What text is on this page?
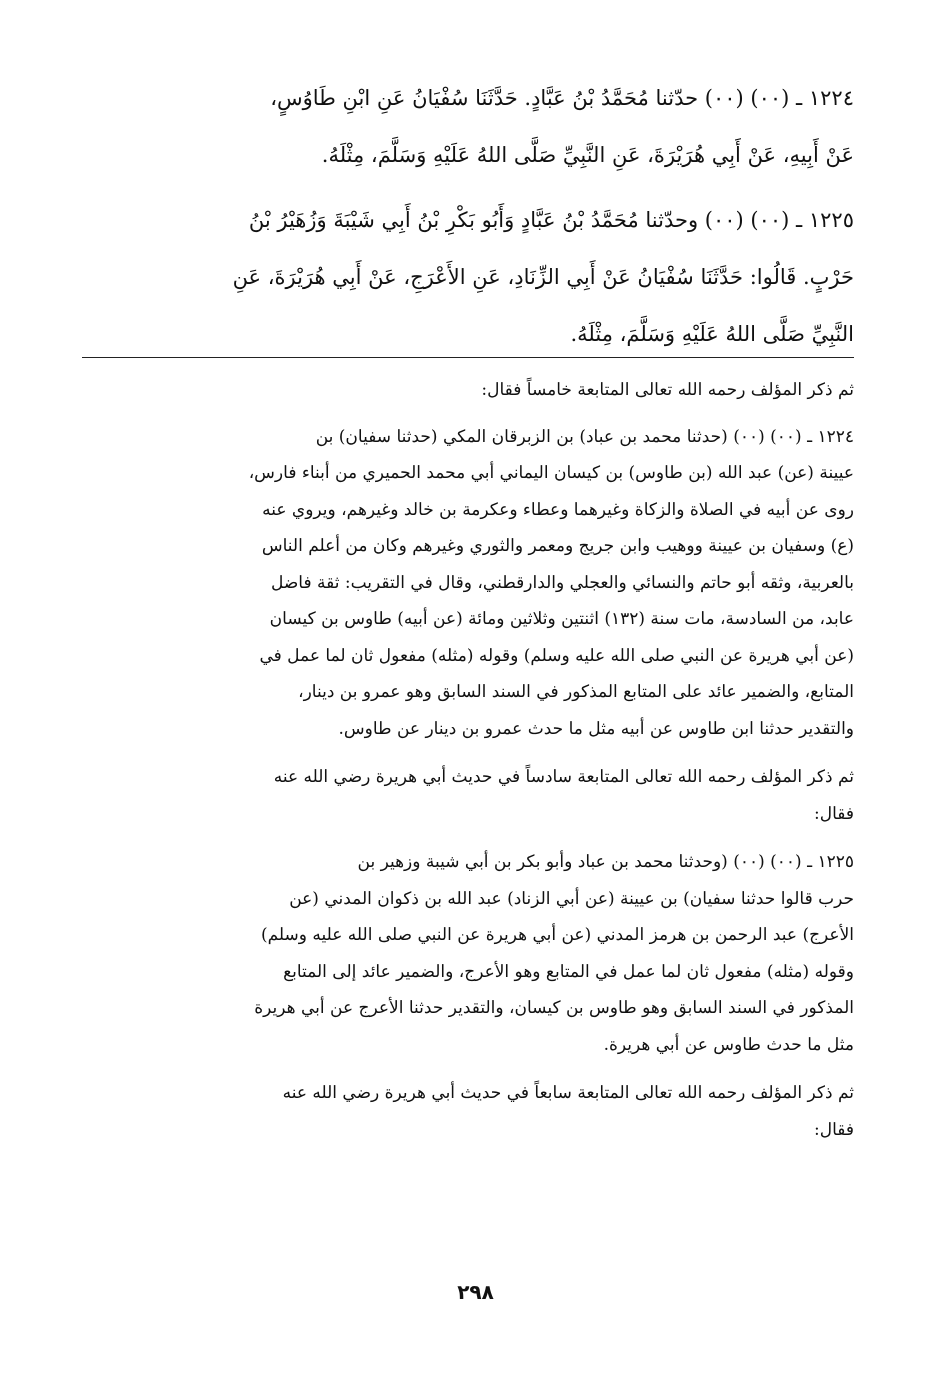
١٢٢٤ ـ (٠٠) (٠٠) حدّثنا مُحَمَّدُ بْنُ عَبَّادٍ. حَدَّثَنَا سُفْيَانُ عَنِ ابْنِ طَاوُسٍ،
عَنْ أَبِيهِ، عَنْ أَبِي هُرَيْرَةَ، عَنِ النَّبِيِّ صَلَّى اللهُ عَلَيْهِ وَسَلَّمَ، مِثْلَهُ.

١٢٢٥ ـ (٠٠) (٠٠) وحدّثنا مُحَمَّدُ بْنُ عَبَّادٍ وَأَبُو بَكْرِ بْنُ أَبِي شَيْبَةَ وَزُهَيْرُ بْنُ
حَرْبٍ. قَالُوا: حَدَّثَنَا سُفْيَانُ عَنْ أَبِي الزِّنَادِ، عَنِ الأَعْرَجِ، عَنْ أَبِي هُرَيْرَةَ، عَنِ
النَّبِيِّ صَلَّى اللهُ عَلَيْهِ وَسَلَّمَ، مِثْلَهُ.

ثم ذكر المؤلف رحمه الله تعالى المتابعة خامساً فقال:

١٢٢٤ ـ (٠٠) (٠٠) (حدثنا محمد بن عباد) بن الزبرقان المكي (حدثنا سفيان) بن
عيينة (عن) عبد الله (بن طاوس) بن كيسان اليماني أبي محمد الحميري من أبناء فارس،
روى عن أبيه في الصلاة والزكاة وغيرهما وعطاء وعكرمة بن خالد وغيرهم، ويروي عنه
(ع) وسفيان بن عيينة ووهيب وابن جريج ومعمر والثوري وغيرهم وكان من أعلم الناس
بالعربية، وثقه أبو حاتم والنسائي والعجلي والدارقطني، وقال في التقريب: ثقة فاضل
عابد، من السادسة، مات سنة (١٣٢) اثنتين وثلاثين ومائة (عن أبيه) طاوس بن كيسان
(عن أبي هريرة عن النبي صلى الله عليه وسلم) وقوله (مثله) مفعول ثان لما عمل في
المتابع، والضمير عائد على المتابع المذكور في السند السابق وهو عمرو بن دينار،
والتقدير حدثنا ابن طاوس عن أبيه مثل ما حدث عمرو بن دينار عن طاوس.

ثم ذكر المؤلف رحمه الله تعالى المتابعة سادساً في حديث أبي هريرة رضي الله عنه
فقال:

١٢٢٥ ـ (٠٠) (٠٠) (وحدثنا محمد بن عباد وأبو بكر بن أبي شيبة وزهير بن
حرب قالوا حدثنا سفيان) بن عيينة (عن أبي الزناد) عبد الله بن ذكوان المدني (عن
الأعرج) عبد الرحمن بن هرمز المدني (عن أبي هريرة عن النبي صلى الله عليه وسلم)
وقوله (مثله) مفعول ثان لما عمل في المتابع وهو الأعرج، والضمير عائد إلى المتابع
المذكور في السند السابق وهو طاوس بن كيسان، والتقدير حدثنا الأعرج عن أبي هريرة
مثل ما حدث طاوس عن أبي هريرة.

ثم ذكر المؤلف رحمه الله تعالى المتابعة سابعاً في حديث أبي هريرة رضي الله عنه
فقال:

٢٩٨
